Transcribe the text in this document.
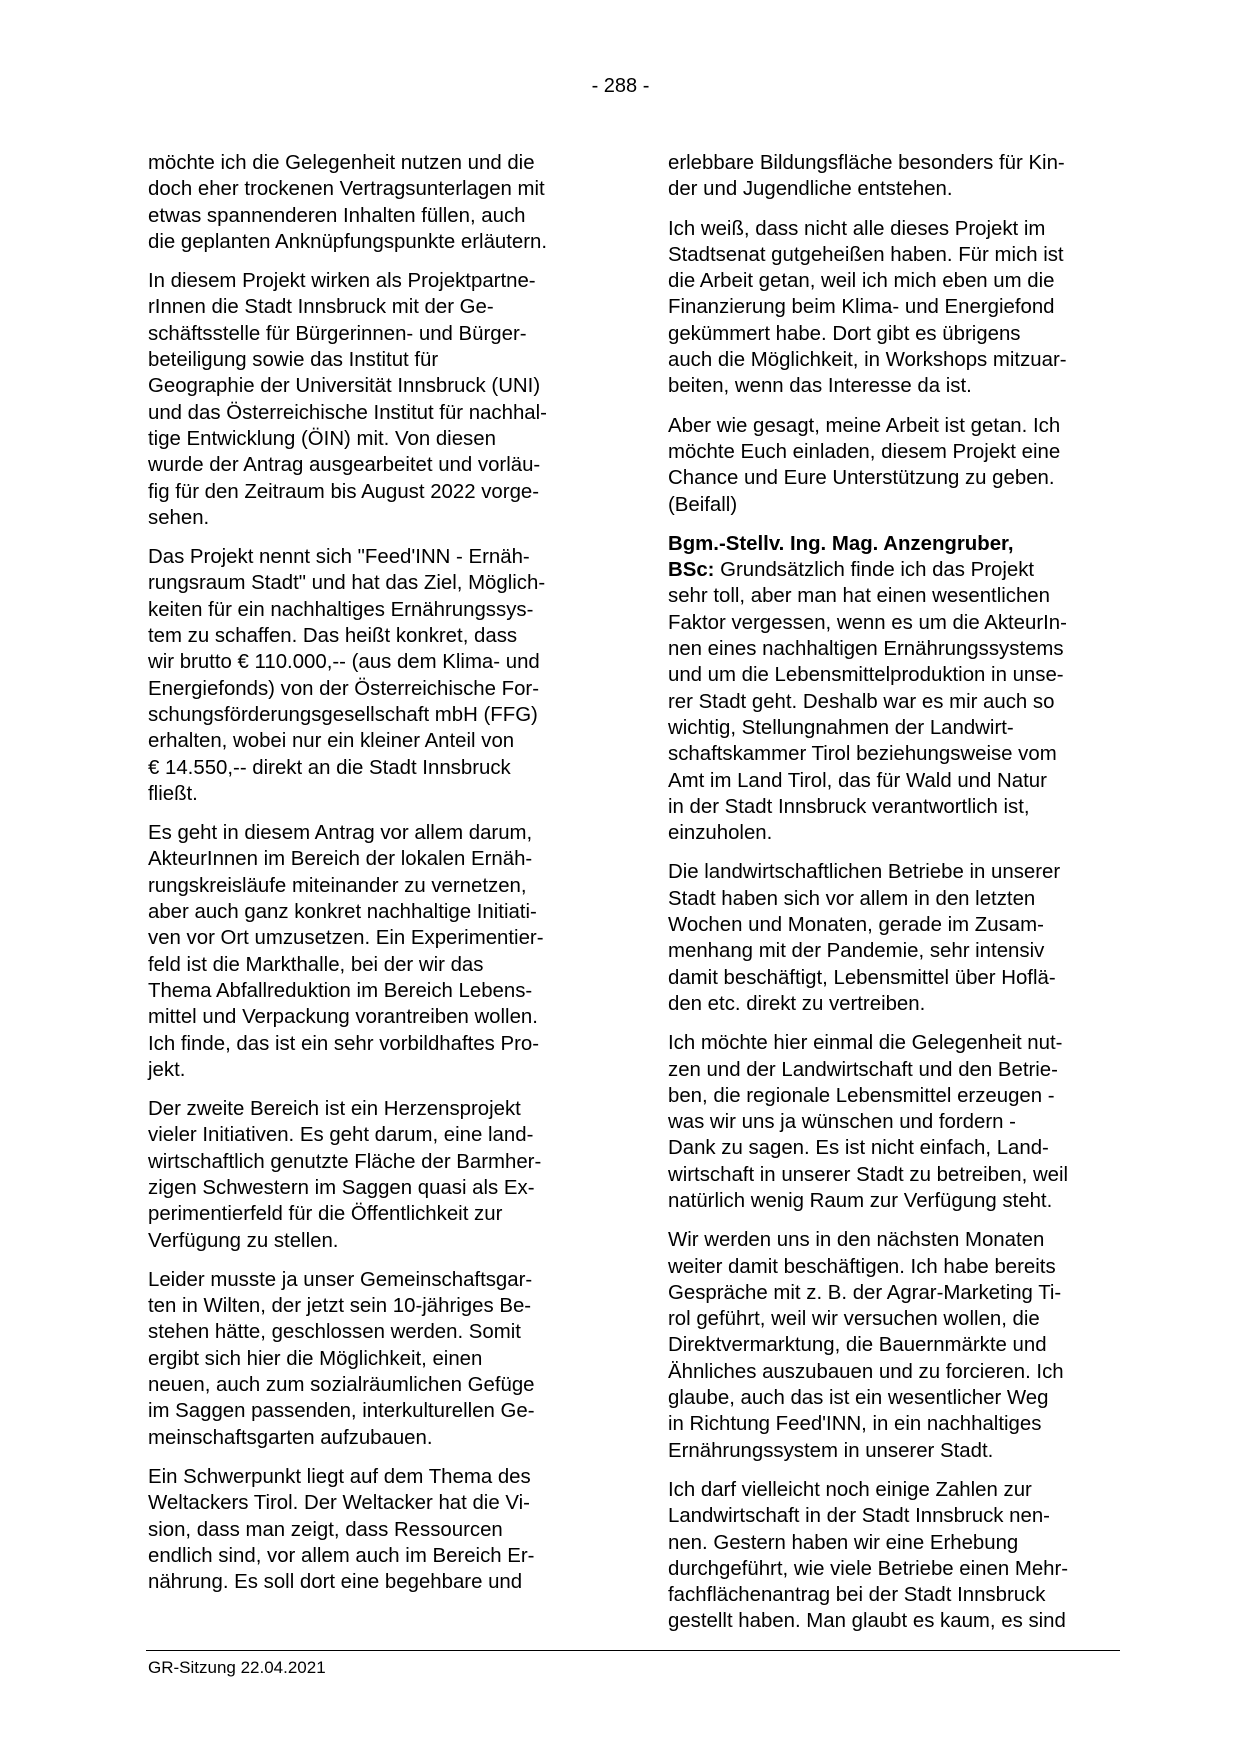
- 288 -

möchte ich die Gelegenheit nutzen und die
doch eher trockenen Vertragsunterlagen mit
etwas spannenderen Inhalten füllen, auch
die geplanten Anknüpfungspunkte erläutern.

In diesem Projekt wirken als Projektpartne-
rInnen die Stadt Innsbruck mit der Ge-
schäftsstelle für Bürgerinnen- und Bürger-
beteiligung sowie das Institut für
Geographie der Universität Innsbruck (UNI)
und das Österreichische Institut für nachhal-
tige Entwicklung (ÖIN) mit. Von diesen
wurde der Antrag ausgearbeitet und vorläu-
fig für den Zeitraum bis August 2022 vorge-
sehen.

Das Projekt nennt sich "Feed'INN - Ernäh-
rungsraum Stadt" und hat das Ziel, Möglich-
keiten für ein nachhaltiges Ernährungssys-
tem zu schaffen. Das heißt konkret, dass
wir brutto € 110.000,-- (aus dem Klima- und
Energiefonds) von der Österreichische For-
schungsförderungsgesellschaft mbH (FFG)
erhalten, wobei nur ein kleiner Anteil von
€ 14.550,-- direkt an die Stadt Innsbruck
fließt.

Es geht in diesem Antrag vor allem darum,
AkteurInnen im Bereich der lokalen Ernäh-
rungskreisläufe miteinander zu vernetzen,
aber auch ganz konkret nachhaltige Initiati-
ven vor Ort umzusetzen. Ein Experimentier-
feld ist die Markthalle, bei der wir das
Thema Abfallreduktion im Bereich Lebens-
mittel und Verpackung vorantreiben wollen.
Ich finde, das ist ein sehr vorbildhaftes Pro-
jekt.

Der zweite Bereich ist ein Herzensprojekt
vieler Initiativen. Es geht darum, eine land-
wirtschaftlich genutzte Fläche der Barmher-
zigen Schwestern im Saggen quasi als Ex-
perimentierfeld für die Öffentlichkeit zur
Verfügung zu stellen.

Leider musste ja unser Gemeinschaftsgar-
ten in Wilten, der jetzt sein 10-jähriges Be-
stehen hätte, geschlossen werden. Somit
ergibt sich hier die Möglichkeit, einen
neuen, auch zum sozialräumlichen Gefüge
im Saggen passenden, interkulturellen Ge-
meinschaftsgarten aufzubauen.

Ein Schwerpunkt liegt auf dem Thema des
Weltackers Tirol. Der Weltacker hat die Vi-
sion, dass man zeigt, dass Ressourcen
endlich sind, vor allem auch im Bereich Er-
nährung. Es soll dort eine begehbare und

erlebbare Bildungsfläche besonders für Kin-
der und Jugendliche entstehen.

Ich weiß, dass nicht alle dieses Projekt im
Stadtsenat gutgeheißen haben. Für mich ist
die Arbeit getan, weil ich mich eben um die
Finanzierung beim Klima- und Energiefond
gekümmert habe. Dort gibt es übrigens
auch die Möglichkeit, in Workshops mitzuar-
beiten, wenn das Interesse da ist.

Aber wie gesagt, meine Arbeit ist getan. Ich
möchte Euch einladen, diesem Projekt eine
Chance und Eure Unterstützung zu geben.
(Beifall)

Bgm.-Stellv. Ing. Mag. Anzengruber,
BSc: Grundsätzlich finde ich das Projekt
sehr toll, aber man hat einen wesentlichen
Faktor vergessen, wenn es um die AkteurIn-
nen eines nachhaltigen Ernährungssystems
und um die Lebensmittelproduktion in unse-
rer Stadt geht. Deshalb war es mir auch so
wichtig, Stellungnahmen der Landwirt-
schaftskammer Tirol beziehungsweise vom
Amt im Land Tirol, das für Wald und Natur
in der Stadt Innsbruck verantwortlich ist,
einzuholen.

Die landwirtschaftlichen Betriebe in unserer
Stadt haben sich vor allem in den letzten
Wochen und Monaten, gerade im Zusam-
menhang mit der Pandemie, sehr intensiv
damit beschäftigt, Lebensmittel über Hoflä-
den etc. direkt zu vertreiben.

Ich möchte hier einmal die Gelegenheit nut-
zen und der Landwirtschaft und den Betrie-
ben, die regionale Lebensmittel erzeugen -
was wir uns ja wünschen und fordern -
Dank zu sagen. Es ist nicht einfach, Land-
wirtschaft in unserer Stadt zu betreiben, weil
natürlich wenig Raum zur Verfügung steht.

Wir werden uns in den nächsten Monaten
weiter damit beschäftigen. Ich habe bereits
Gespräche mit z. B. der Agrar-Marketing Ti-
rol geführt, weil wir versuchen wollen, die
Direktvermarktung, die Bauernmärkte und
Ähnliches auszubauen und zu forcieren. Ich
glaube, auch das ist ein wesentlicher Weg
in Richtung Feed'INN, in ein nachhaltiges
Ernährungssystem in unserer Stadt.

Ich darf vielleicht noch einige Zahlen zur
Landwirtschaft in der Stadt Innsbruck nen-
nen. Gestern haben wir eine Erhebung
durchgeführt, wie viele Betriebe einen Mehr-
fachflächenantrag bei der Stadt Innsbruck
gestellt haben. Man glaubt es kaum, es sind

GR-Sitzung 22.04.2021
